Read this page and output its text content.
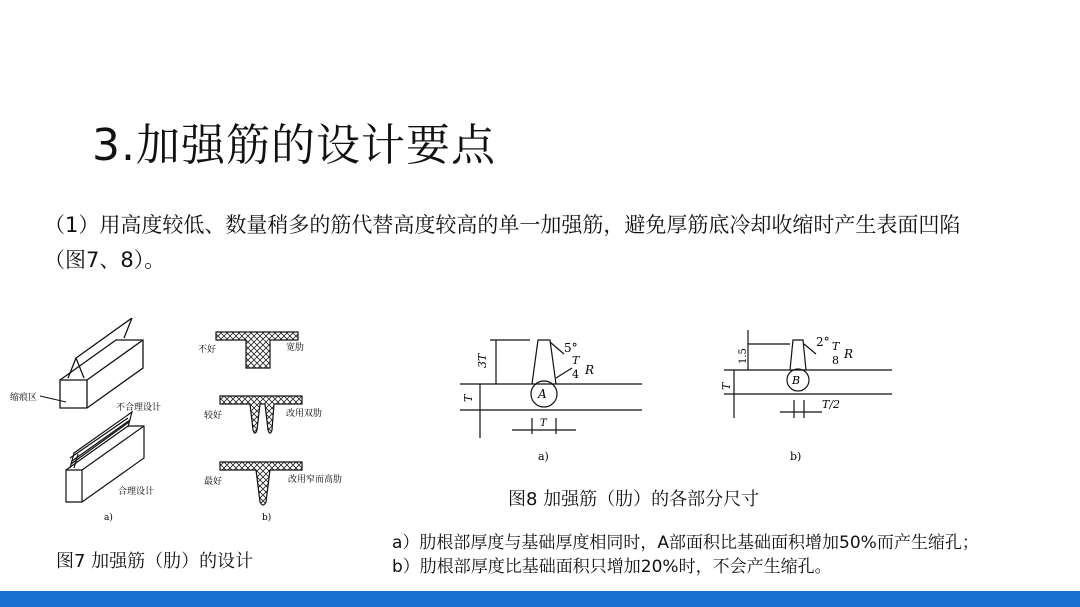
3.加强筋的设计要点
（1）用高度较低、数量稍多的筋代替高度较高的单一加强筋，避免厚筋底冷却收缩时产生表面凹陷
（图7、8）。
缩痕区
不合理设计
合理设计
a)
不好	宽肋
较好	改用双肋
最好	改用窄而高肋
b)
图7 加强筋（肋）的设计
3T
T
5°
T
4 R
A
T
a)
1.5
T
2° T
8 R
B
T/2
b)
图8 加强筋（肋）的各部分尺寸
a）肋根部厚度与基础厚度相同时，A部面积比基础面积增加50%而产生缩孔；
b）肋根部厚度比基础面积只增加20%时，不会产生缩孔。
